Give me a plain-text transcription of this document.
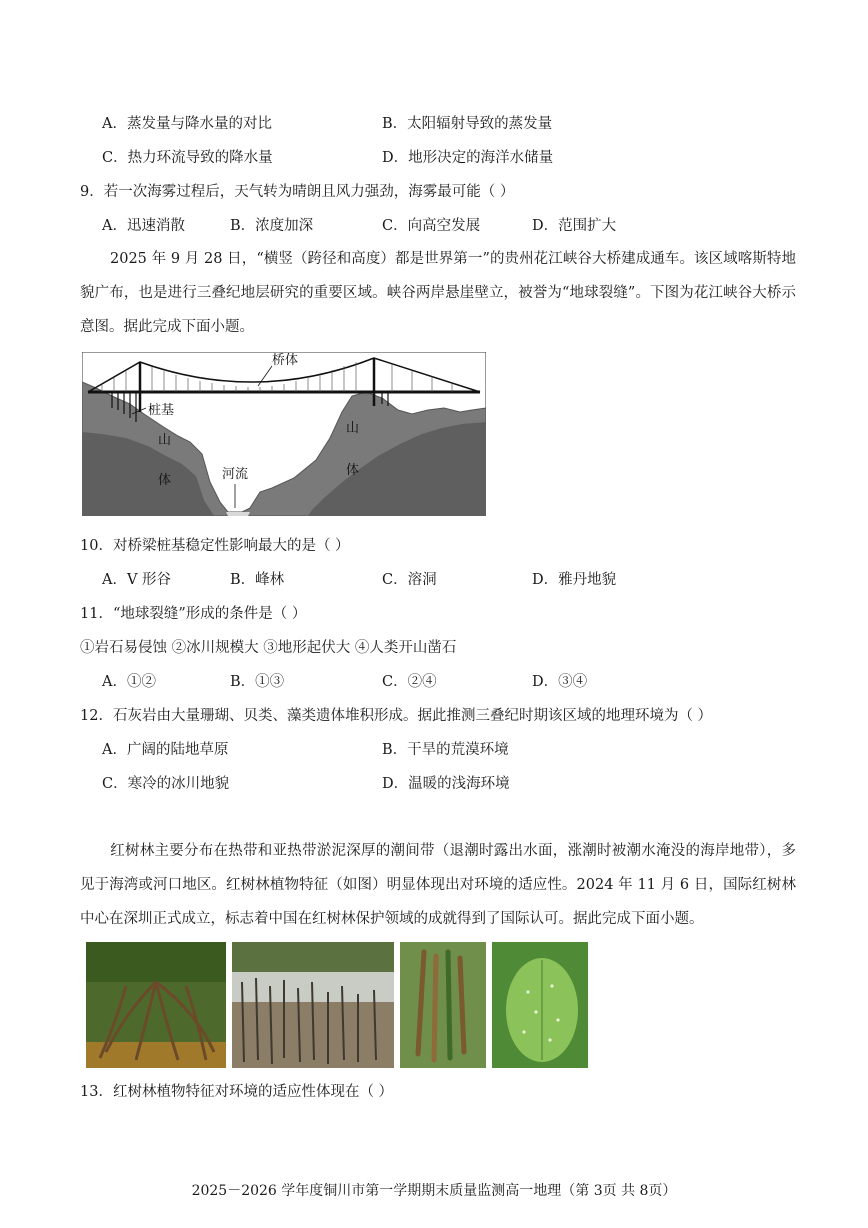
A．蒸发量与降水量的对比	B．太阳辐射导致的蒸发量
C．热力环流导致的降水量	D．地形决定的海洋水储量
9．若一次海雾过程后，天气转为晴朗且风力强劲，海雾最可能（ ）
A．迅速消散	B．浓度加深	C．向高空发展	D．范围扩大
2025 年 9 月 28 日，“横竖（跨径和高度）都是世界第一”的贵州花江峡谷大桥建成通车。该区域喀斯特地貌广布，也是进行三叠纪地层研究的重要区域。峡谷两岸悬崖壁立，被誉为“地球裂缝”。下图为花江峡谷大桥示意图。据此完成下面小题。
桥体
桩基
山
体	河流
山
体
10．对桥梁桩基稳定性影响最大的是（ ）
A．V 形谷	B．峰林	C．溶洞	D．雅丹地貌
11．“地球裂缝”形成的条件是（ ）
①岩石易侵蚀 ②冰川规模大 ③地形起伏大 ④人类开山凿石
A．①②	B．①③	C．②④	D．③④
12．石灰岩由大量珊瑚、贝类、藻类遗体堆积形成。据此推测三叠纪时期该区域的地理环境为（ ）
A．广阔的陆地草原	B．干旱的荒漠环境
C．寒冷的冰川地貌	D．温暖的浅海环境
红树林主要分布在热带和亚热带淤泥深厚的潮间带（退潮时露出水面，涨潮时被潮水淹没的海岸地带），多见于海湾或河口地区。红树林植物特征（如图）明显体现出对环境的适应性。2024 年 11 月 6 日，国际红树林中心在深圳正式成立，标志着中国在红树林保护领域的成就得到了国际认可。据此完成下面小题。
13．红树林植物特征对环境的适应性体现在（ ）
2025－2026 学年度铜川市第一学期期末质量监测高一地理（第 3页 共 8页）
